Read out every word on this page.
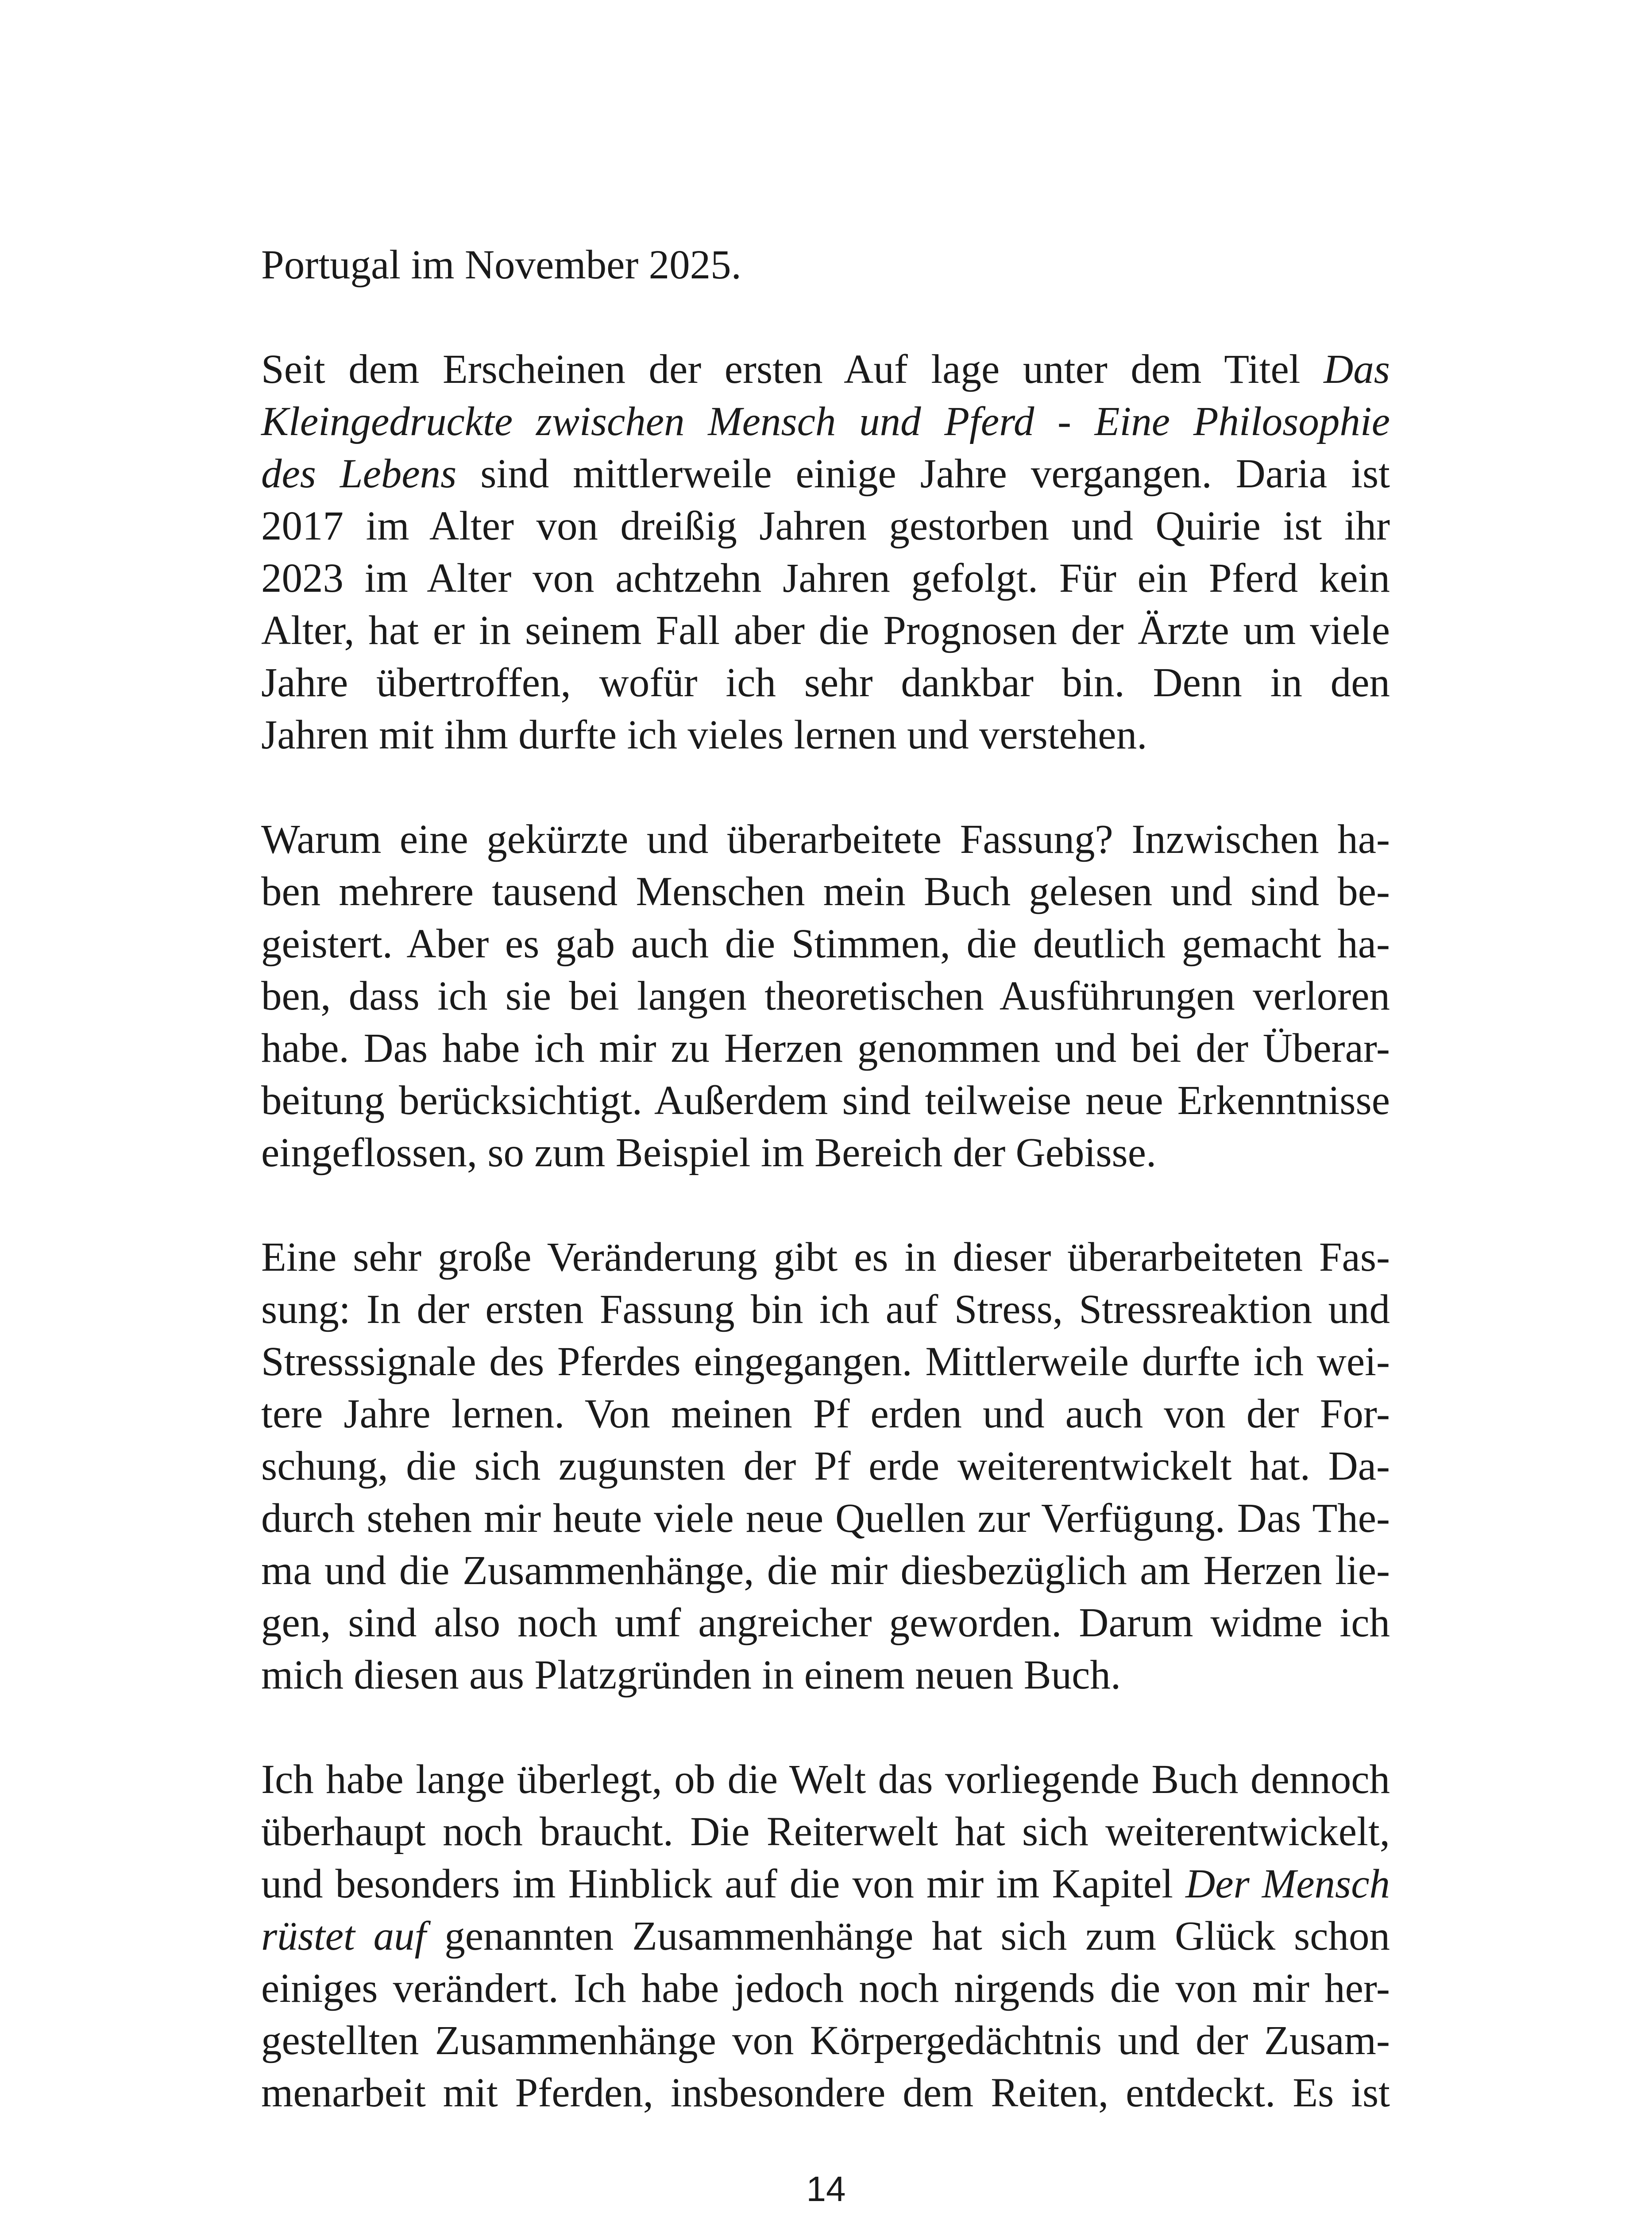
Portugal im November 2025.
Seit dem Erscheinen der ersten Auf lage unter dem Titel Das
Kleingedruckte zwischen Mensch und Pferd - Eine Philosophie
des Lebens sind mittlerweile einige Jahre vergangen. Daria ist
2017 im Alter von dreißig Jahren gestorben und Quirie ist ihr
2023 im Alter von achtzehn Jahren gefolgt. Für ein Pferd kein
Alter, hat er in seinem Fall aber die Prognosen der Ärzte um viele
Jahre übertroffen, wofür ich sehr dankbar bin. Denn in den
Jahren mit ihm durfte ich vieles lernen und verstehen.
Warum eine gekürzte und überarbeitete Fassung? Inzwischen ha-
ben mehrere tausend Menschen mein Buch gelesen und sind be-
geistert. Aber es gab auch die Stimmen, die deutlich gemacht ha-
ben, dass ich sie bei langen theoretischen Ausführungen verloren
habe. Das habe ich mir zu Herzen genommen und bei der Überar-
beitung berücksichtigt. Außerdem sind teilweise neue Erkenntnisse
eingeflossen, so zum Beispiel im Bereich der Gebisse.
Eine sehr große Veränderung gibt es in dieser überarbeiteten Fas-
sung: In der ersten Fassung bin ich auf Stress, Stressreaktion und
Stresssignale des Pferdes eingegangen. Mittlerweile durfte ich wei-
tere Jahre lernen. Von meinen Pf erden und auch von der For-
schung, die sich zugunsten der Pf erde weiterentwickelt hat. Da-
durch stehen mir heute viele neue Quellen zur Verfügung. Das The-
ma und die Zusammenhänge, die mir diesbezüglich am Herzen lie-
gen, sind also noch umf angreicher geworden. Darum widme ich
mich diesen aus Platzgründen in einem neuen Buch.
Ich habe lange überlegt, ob die Welt das vorliegende Buch dennoch
überhaupt noch braucht. Die Reiterwelt hat sich weiterentwickelt,
und besonders im Hinblick auf die von mir im Kapitel Der Mensch
rüstet auf genannten Zusammenhänge hat sich zum Glück schon
einiges verändert. Ich habe jedoch noch nirgends die von mir her-
gestellten Zusammenhänge von Körpergedächtnis und der Zusam-
menarbeit mit Pferden, insbesondere dem Reiten, entdeckt. Es ist
14
